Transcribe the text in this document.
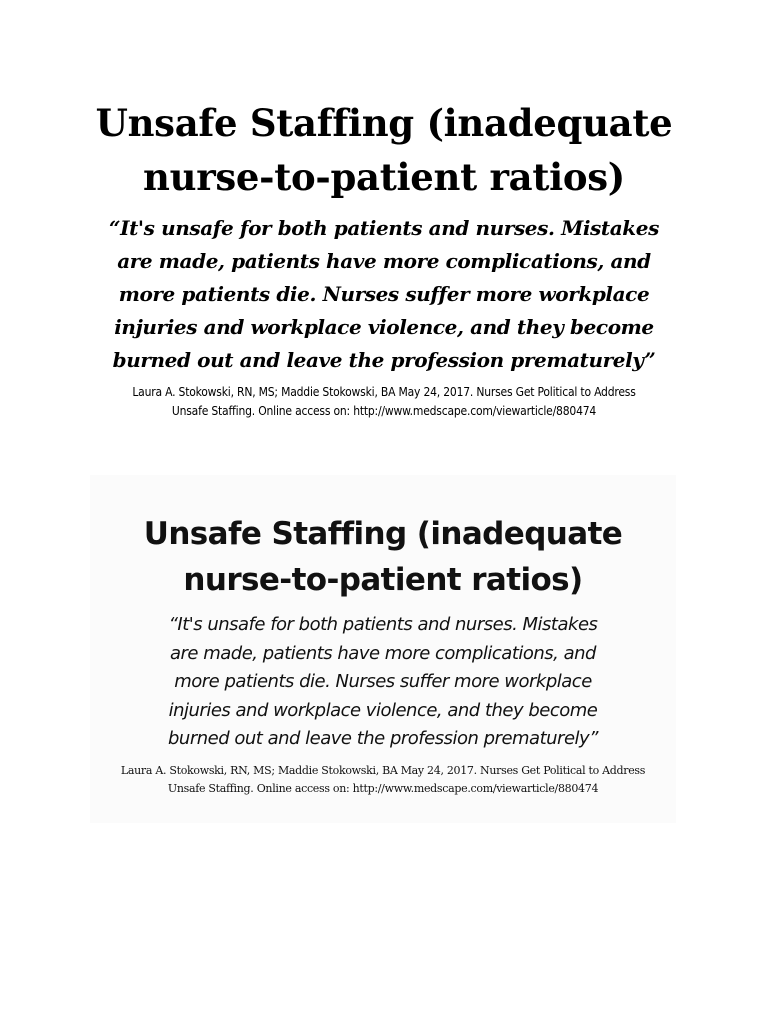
Unsafe Staffing (inadequate
nurse-to-patient ratios)

“It's unsafe for both patients and nurses. Mistakes
are made, patients have more complications, and
more patients die. Nurses suffer more workplace
injuries and workplace violence, and they become
burned out and leave the profession prematurely”

Laura A. Stokowski, RN, MS; Maddie Stokowski, BA May 24, 2017. Nurses Get Political to Address
Unsafe Staffing. Online access on: http://www.medscape.com/viewarticle/880474

Unsafe Staffing (inadequate
nurse-to-patient ratios)

“It's unsafe for both patients and nurses. Mistakes
are made, patients have more complications, and
more patients die. Nurses suffer more workplace
injuries and workplace violence, and they become
burned out and leave the profession prematurely”

Laura A. Stokowski, RN, MS; Maddie Stokowski, BA May 24, 2017. Nurses Get Political to Address
Unsafe Staffing. Online access on: http://www.medscape.com/viewarticle/880474
